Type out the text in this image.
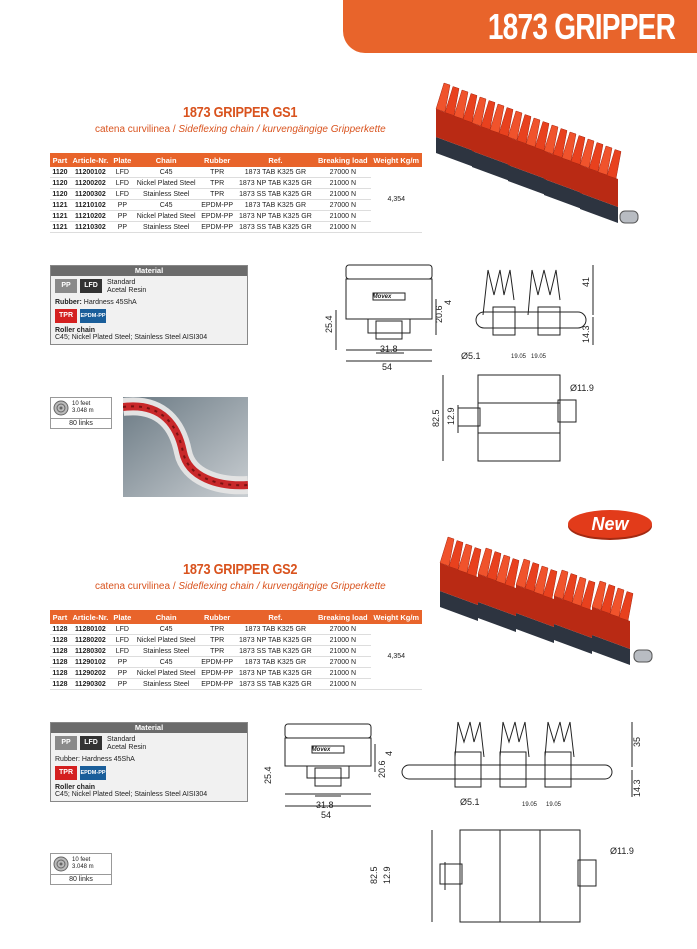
1873 GRIPPER
1873 GRIPPER GS1
catena curvilinea / Sideflexing chain / kurvengängige Gripperkette
Part	Article-Nr.	Plate	Chain	Rubber	Ref.	Breaking load	Weight Kg/m
1120	11200102	LFD	C45	TPR	1873 TAB K325 GR	27000 N	4,354
1120	11200202	LFD	Nickel Plated Steel	TPR	1873 NP TAB K325 GR	21000 N	
1120	11200302	LFD	Stainless Steel	TPR	1873 SS TAB K325 GR	21000 N	
1121	11210102	PP	C45	EPDM-PP	1873 TAB K325 GR	27000 N	
1121	11210202	PP	Nickel Plated Steel	EPDM-PP	1873 NP TAB K325 GR	21000 N	
1121	11210302	PP	Stainless Steel	EPDM-PP	1873 SS TAB K325 GR	21000 N	
Material
PP	LFD	Standard
Acetal Resin
Rubber: Hardness 45ShA
TPR	EPDM-PP
Roller chain
C45; Nickel Plated Steel; Stainless Steel AISI304
10 feet
3.048 m
80 links
Movex
25.4
20.6
4
31.8
54
41
14.3
Ø5.1
Ø11.9
82.5 12.9
19.05 19.05
New
1873 GRIPPER GS2
catena curvilinea / Sideflexing chain / kurvengängige Gripperkette
Part	Article-Nr.	Plate	Chain	Rubber	Ref.	Breaking load	Weight Kg/m
1128	11280102	LFD	C45	TPR	1873 TAB K325 GR	27000 N	4,354
1128	11280202	LFD	Nickel Plated Steel	TPR	1873 NP TAB K325 GR	21000 N	
1128	11280302	LFD	Stainless Steel	TPR	1873 SS TAB K325 GR	21000 N	
1128	11290102	PP	C45	EPDM-PP	1873 TAB K325 GR	27000 N	
1128	11290202	PP	Nickel Plated Steel	EPDM-PP	1873 NP TAB K325 GR	21000 N	
1128	11290302	PP	Stainless Steel	EPDM-PP	1873 SS TAB K325 GR	21000 N	
Material
PP	LFD	Standard
Acetal Resin
Rubber: Hardness 45ShA
TPR	EPDM-PP
Roller chain
C45; Nickel Plated Steel; Stainless Steel AISI304
10 feet
3.048 m
80 links
Movex
25.4	20.6
4
31.8
54
35
14.3
Ø5.1
Ø11.9
82.5 12.9
19.05 19.05
